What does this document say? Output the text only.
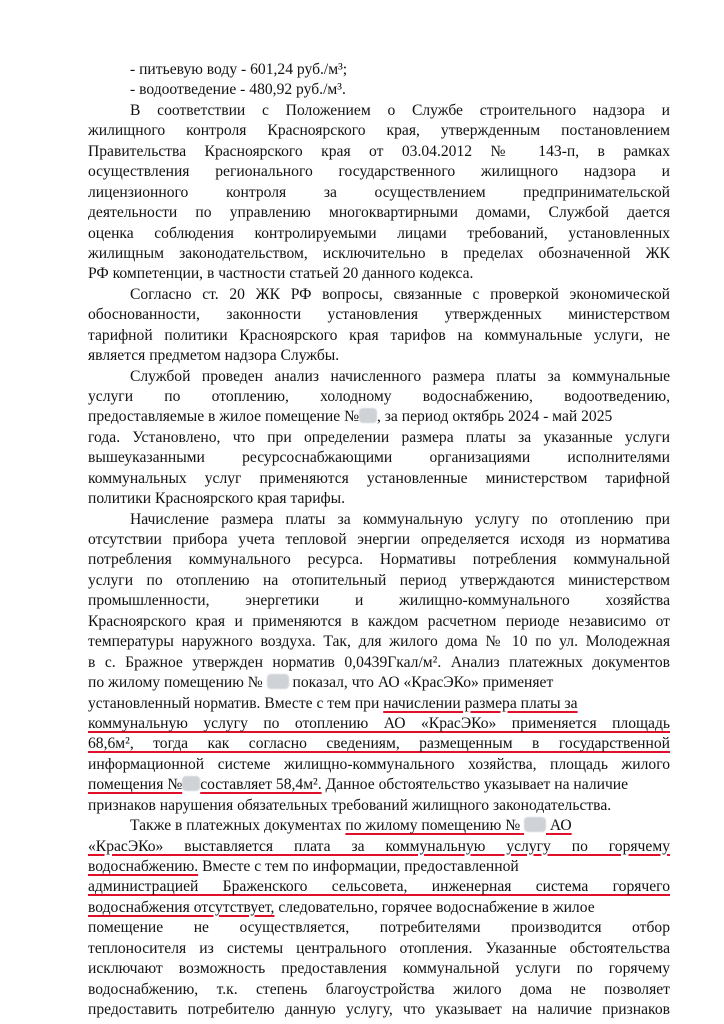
- питьевую воду - 601,24 руб./м³;
- водоотведение - 480,92 руб./м³.
В соответствии с Положением о Службе строительного надзора и
жилищного контроля Красноярского края, утвержденным постановлением
Правительства Красноярского края от 03.04.2012 № 143-п, в рамках
осуществления регионального государственного жилищного надзора и
лицензионного контроля за осуществлением предпринимательской
деятельности по управлению многоквартирными домами, Службой дается
оценка соблюдения контролируемыми лицами требований, установленных
жилищным законодательством, исключительно в пределах обозначенной ЖК
РФ компетенции, в частности статьей 20 данного кодекса.
Согласно ст. 20 ЖК РФ вопросы, связанные с проверкой экономической
обоснованности, законности установления утвержденных министерством
тарифной политики Красноярского края тарифов на коммунальные услуги, не
является предметом надзора Службы.
Службой проведен анализ начисленного размера платы за коммунальные
услуги по отоплению, холодному водоснабжению, водоотведению,
предоставляемые в жилое помещение № , за период октябрь 2024 - май 2025
года. Установлено, что при определении размера платы за указанные услуги
вышеуказанными ресурсоснабжающими организациями исполнителями
коммунальных услуг применяются установленные министерством тарифной
политики Красноярского края тарифы.
Начисление размера платы за коммунальную услугу по отоплению при
отсутствии прибора учета тепловой энергии определяется исходя из норматива
потребления коммунального ресурса. Нормативы потребления коммунальной
услуги по отоплению на отопительный период утверждаются министерством
промышленности, энергетики и жилищно-коммунального хозяйства
Красноярского края и применяются в каждом расчетном периоде независимо от
температуры наружного воздуха. Так, для жилого дома № 10 по ул. Молодежная
в с. Бражное утвержден норматив 0,0439Гкал/м². Анализ платежных документов
по жилому помещению № показал, что АО «КрасЭКо» применяет
установленный норматив. Вместе с тем при начислении размера платы за
коммунальную услугу по отоплению АО «КрасЭКо» применяется площадь
68,6м², тогда как согласно сведениям, размещенным в государственной
информационной системе жилищно-коммунального хозяйства, площадь жилого
помещения № составляет 58,4м². Данное обстоятельство указывает на наличие
признаков нарушения обязательных требований жилищного законодательства.
Также в платежных документах по жилому помещению № АО
«КрасЭКо» выставляется плата за коммунальную услугу по горячему
водоснабжению. Вместе с тем по информации, предоставленной
администрацией Браженского сельсовета, инженерная система горячего
водоснабжения отсутствует, следовательно, горячее водоснабжение в жилое
помещение не осуществляется, потребителями производится отбор
теплоносителя из системы центрального отопления. Указанные обстоятельства
исключают возможность предоставления коммунальной услуги по горячему
водоснабжению, т.к. степень благоустройства жилого дома не позволяет
предоставить потребителю данную услугу, что указывает на наличие признаков
